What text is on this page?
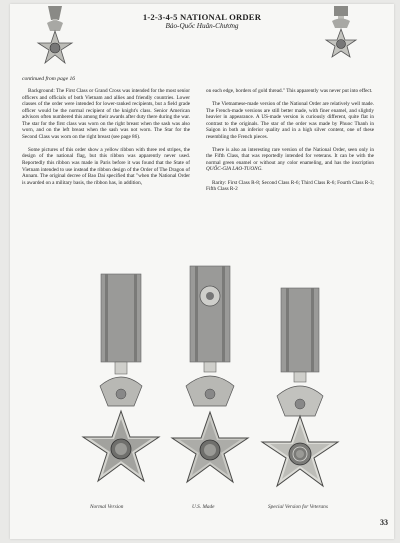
1-2-3-4-5 NATIONAL ORDER
Bảo-Quốc Huân-Chương
continued from page 16

Background: The First Class or Grand Cross was intended for the most senior officers and officials of both Vietnam and allies and friendly countries. Lower classes of the order were intended for lower-ranked recipients, but a field grade officer would be the normal recipient of the knight's class. Senior American advisors often numbered this among their awards after duty there during the war. The star for the first class was worn on the right breast when the sash was also worn, and on the left breast when the sash was not worn. The Star for the Second Class was worn on the right breast (see page 86).

Some pictures of this order show a yellow ribbon with three red stripes, the design of the national flag, but this ribbon was apparently never used. Reportedly this ribbon was made in Paris before it was found that the State of Vietnam intended to use instead the ribbon design of the Order of The Dragon of Annam. The original decree of Bao Dai specified that "when the National Order is awarded on a military basis, the ribbon has, in addition,

on each edge, borders of gold thread." This apparently was never put into effect.

The Vietnamese-made version of the National Order are relatively well made. The French-made versions are still better made, with finer enamel, and slightly heavier in appearance. A US-made version is curiously different, quite flat in contrast to the originals. The star of the order was made by Phuoc Thanh in Saigon in both an inferior quality and in a high silver content, one of these resembling the French pieces.

There is also an interesting rare version of the National Order, seen only in the Fifth Class, that was reportedly intended for veterans. It can be with the normal green enamel or without any color enameling, and has the inscription QUỐC-GIA LAO-TUONG.

Rarity: First Class R-8; Second Class R-6; Third Class R-6; Fourth Class R-3; Fifth Class R-2

Normal Version	U.S. Made	Special Version for Veterans
33
